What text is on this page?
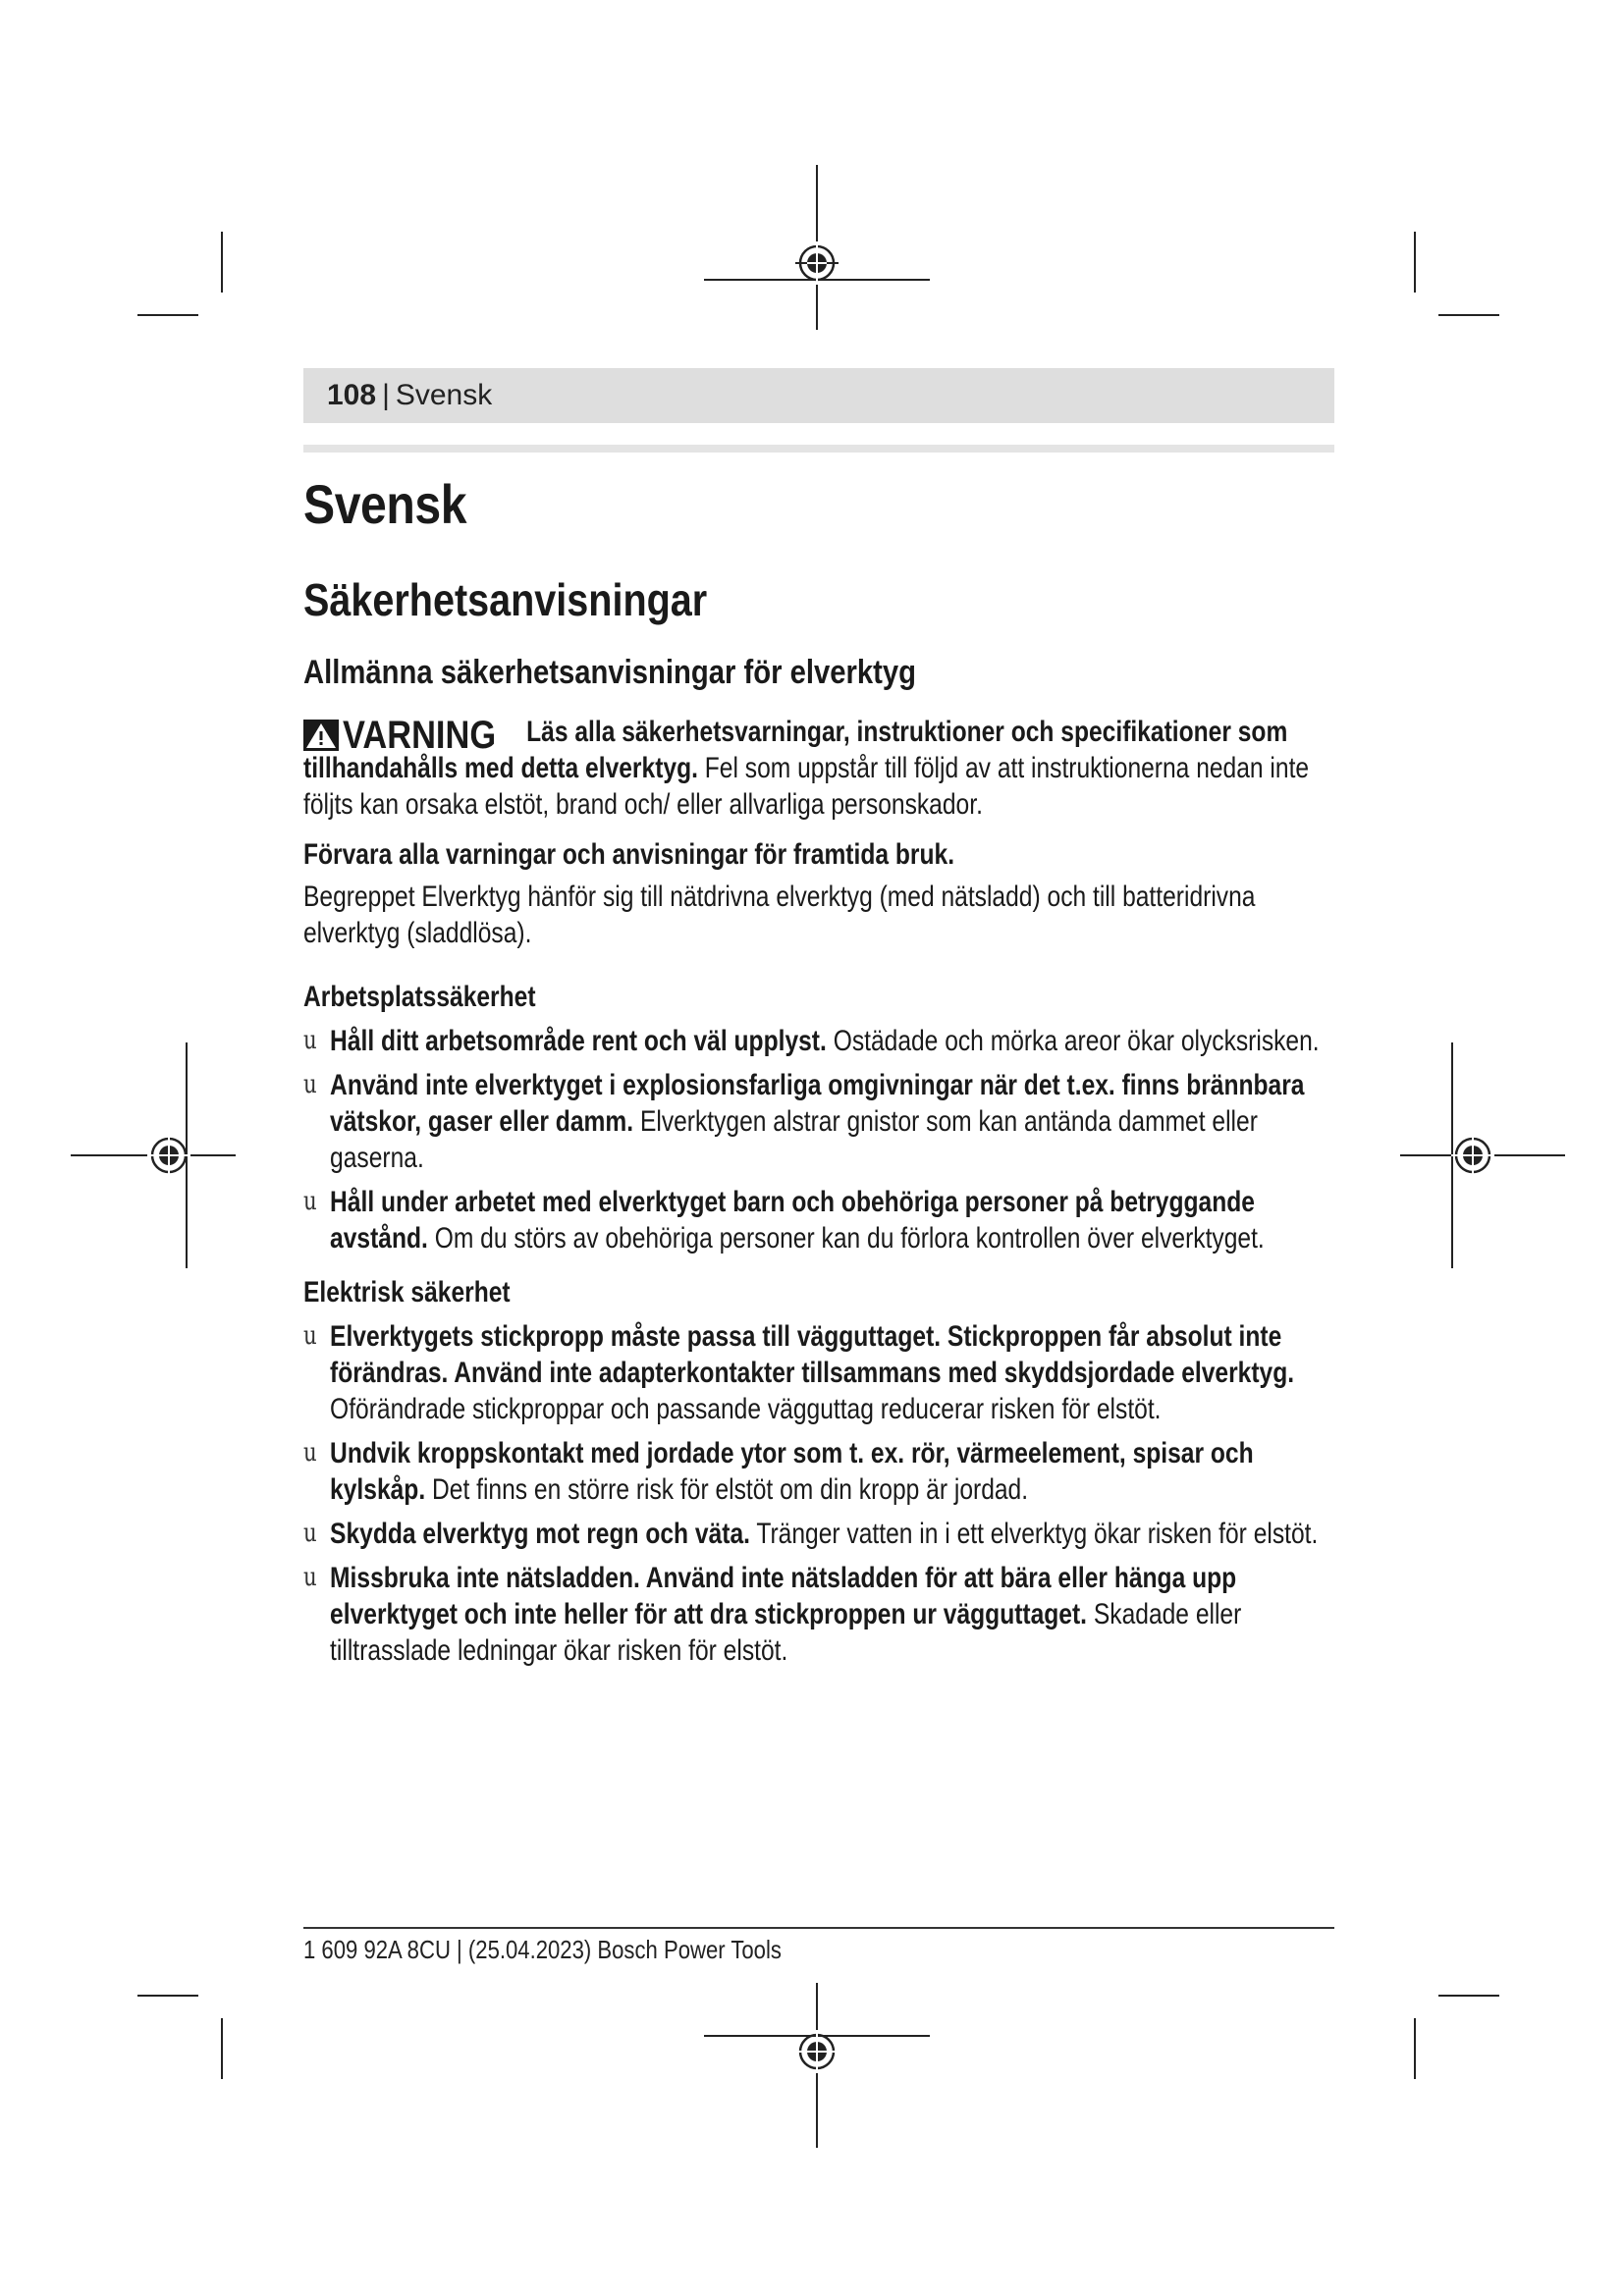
108 | Svensk
Svensk
Säkerhetsanvisningar
Allmänna säkerhetsanvisningar för elverktyg

Läs alla säkerhetsvarningar, instruktioner och specifikationer som tillhandahålls med detta elverktyg. Fel som uppstår till följd av att instruktionerna nedan inte följts kan orsaka elstöt, brand och/ eller allvarliga personskador.

VARNING

Förvara alla varningar och anvisningar för framtida bruk.

Begreppet Elverktyg hänför sig till nätdrivna elverktyg (med nätsladd) och till batteridrivna elverktyg (sladdlösa).

Arbetsplatssäkerhet

u Håll ditt arbetsområde rent och väl upplyst. Ostädade och mörka areor ökar olycksrisken.
u Använd inte elverktyget i explosionsfarliga omgivningar när det t.ex. finns brännbara vätskor, gaser eller damm. Elverktygen alstrar gnistor som kan antända dammet eller gaserna.
u Håll under arbetet med elverktyget barn och obehöriga personer på betryggande avstånd. Om du störs av obehöriga personer kan du förlora kontrollen över elverktyget.

Elektrisk säkerhet

u Elverktygets stickpropp måste passa till vägguttaget. Stickproppen får absolut inte förändras. Använd inte adapterkontakter tillsammans med skyddsjordade elverktyg. Oförändrade stickproppar och passande vägguttag reducerar risken för elstöt.
u Undvik kroppskontakt med jordade ytor som t. ex. rör, värmeelement, spisar och kylskåp. Det finns en större risk för elstöt om din kropp är jordad.
u Skydda elverktyg mot regn och väta. Tränger vatten in i ett elverktyg ökar risken för elstöt.
u Missbruka inte nätsladden. Använd inte nätsladden för att bära eller hänga upp elverktyget och inte heller för att dra stickproppen ur vägguttaget. Skadade eller tilltrasslade ledningar ökar risken för elstöt.
1 609 92A 8CU | (25.04.2023) Bosch Power Tools
